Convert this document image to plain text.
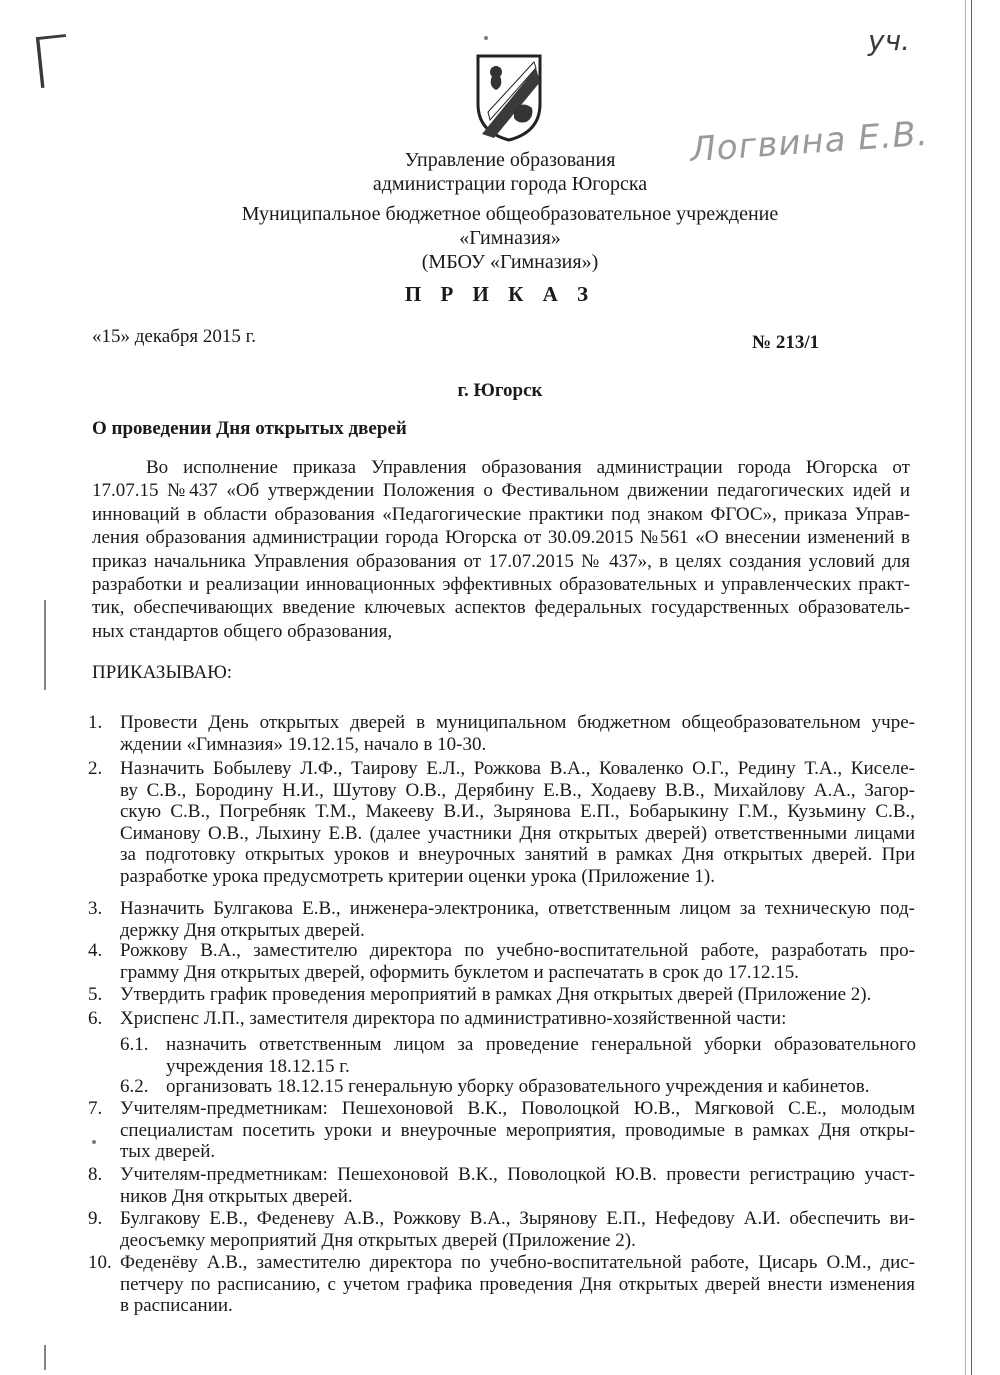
Г	уч.
Логвина Е.В.
Управление образования
администрации города Югорска
Муниципальное бюджетное общеобразовательное учреждение
«Гимназия»
(МБОУ «Гимназия»)
П Р И К А З
«15» декабря 2015 г.	№ 213/1
г. Югорск
О проведении Дня открытых дверей
Во исполнение приказа Управления образования администрации города Югорска от
17.07.15 №437 «Об утверждении Положения о Фестивальном движении педагогических идей и
инноваций в области образования «Педагогические практики под знаком ФГОС», приказа Управ-
ления образования администрации города Югорска от 30.09.2015 №561 «О внесении изменений в
приказ начальника Управления образования от 17.07.2015 № 437», в целях создания условий для
разработки и реализации инновационных эффективных образовательных и управленческих практ-
тик, обеспечивающих введение ключевых аспектов федеральных государственных образователь-
ных стандартов общего образования,
ПРИКАЗЫВАЮ:
1. Провести День открытых дверей в муниципальном бюджетном общеобразовательном учре-
ждении «Гимназия» 19.12.15, начало в 10-30.
2. Назначить Бобылеву Л.Ф., Таирову Е.Л., Рожкова В.А., Коваленко О.Г., Редину Т.А., Киселе-
ву С.В., Бородину Н.И., Шутову О.В., Дерябину Е.В., Ходаеву В.В., Михайлову А.А., Загор-
скую С.В., Погребняк Т.М., Макееву В.И., Зырянова Е.П., Бобарыкину Г.М., Кузьмину С.В.,
Симанову О.В., Лыхину Е.В. (далее участники Дня открытых дверей) ответственными лицами
за подготовку открытых уроков и внеурочных занятий в рамках Дня открытых дверей. При
разработке урока предусмотреть критерии оценки урока (Приложение 1).
3. Назначить Булгакова Е.В., инженера-электроника, ответственным лицом за техническую под-
держку Дня открытых дверей.
4. Рожкову В.А., заместителю директора по учебно-воспитательной работе, разработать про-
грамму Дня открытых дверей, оформить буклетом и распечатать в срок до 17.12.15.
5. Утвердить график проведения мероприятий в рамках Дня открытых дверей (Приложение 2).
6. Хриспенс Л.П., заместителя директора по административно-хозяйственной части:
6.1. назначить ответственным лицом за проведение генеральной уборки образовательного
учреждения 18.12.15 г.
6.2. организовать 18.12.15 генеральную уборку образовательного учреждения и кабинетов.
7. Учителям-предметникам: Пешехоновой В.К., Поволоцкой Ю.В., Мягковой С.Е., молодым
специалистам посетить уроки и внеурочные мероприятия, проводимые в рамках Дня откры-
тых дверей.
8. Учителям-предметникам: Пешехоновой В.К., Поволоцкой Ю.В. провести регистрацию участ-
ников Дня открытых дверей.
9. Булгакову Е.В., Феденеву А.В., Рожкову В.А., Зырянову Е.П., Нефедову А.И. обеспечить ви-
деосъемку мероприятий Дня открытых дверей (Приложение 2).
10. Феденёву А.В., заместителю директора по учебно-воспитательной работе, Цисарь О.М., дис-
петчеру по расписанию, с учетом графика проведения Дня открытых дверей внести изменения
в расписании.
